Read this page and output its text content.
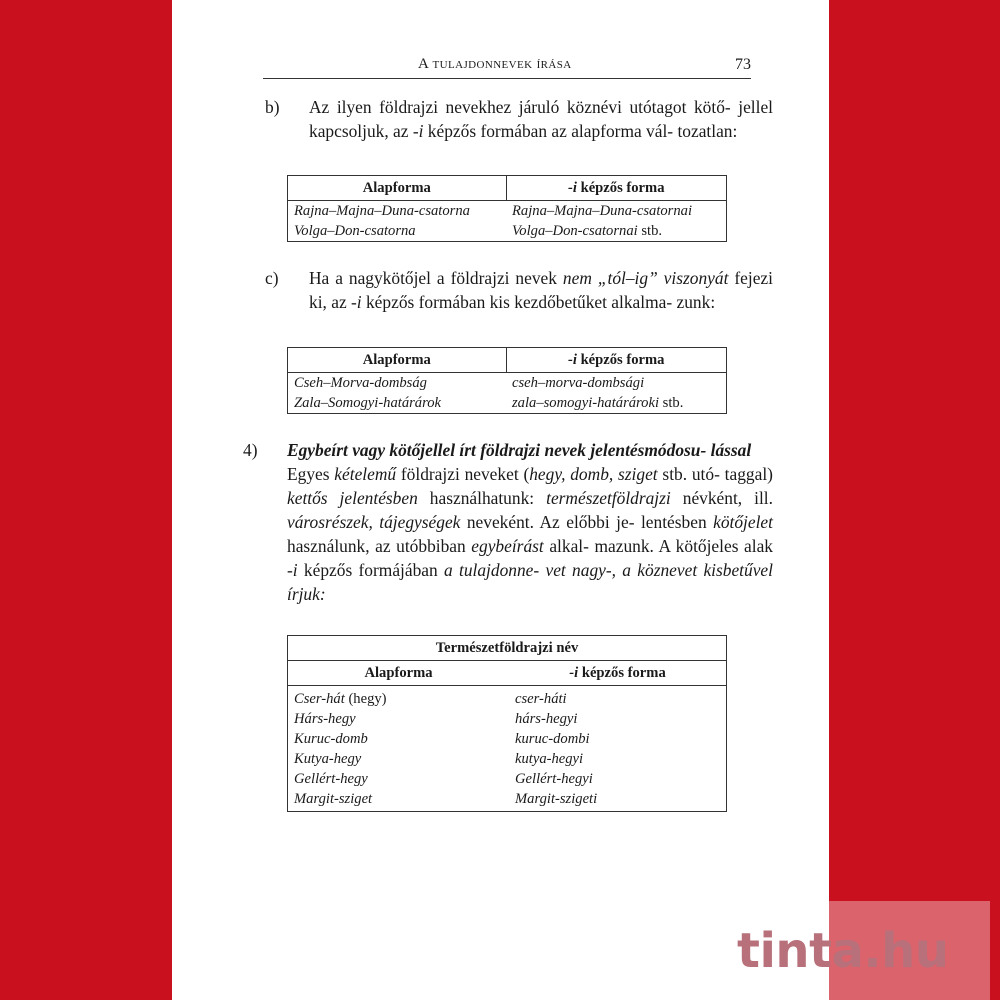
A tulajdonnevek írása	73
b) Az ilyen földrajzi nevekhez járuló köznévi utótagot kötő- jellel kapcsoljuk, az -i képzős formában az alapforma vál- tozatlan:
Alapforma	-i képzős forma
Rajna–Majna–Duna-csatorna	Rajna–Majna–Duna-csatornai
Volga–Don-csatorna	Volga–Don-csatornai stb.
c) Ha a nagykötőjel a földrajzi nevek nem „tól–ig” viszonyát fejezi ki, az -i képzős formában kis kezdőbetűket alkalma- zunk:
Alapforma	-i képzős forma
Cseh–Morva-dombság	cseh–morva-dombsági
Zala–Somogyi-határárok	zala–somogyi-határároki stb.
4) Egybeírt vagy kötőjellel írt földrajzi nevek jelentésmódosu- lással
Egyes kételemű földrajzi neveket (hegy, domb, sziget stb. utó- taggal) kettős jelentésben használhatunk: természetföldrajzi névként, ill. városrészek, tájegységek neveként. Az előbbi je- lentésben kötőjelet használunk, az utóbbiban egybeírást alkal- mazunk. A kötőjeles alak -i képzős formájában a tulajdonne- vet nagy-, a köznevet kisbetűvel írjuk:
Természetföldrajzi név	
Alapforma	-i képzős forma
Cser-hát (hegy)	cser-háti
Hárs-hegy	hárs-hegyi
Kuruc-domb	kuruc-dombi
Kutya-hegy	kutya-hegyi
Gellért-hegy	Gellért-hegyi
Margit-sziget	Margit-szigeti
tinta.hu
